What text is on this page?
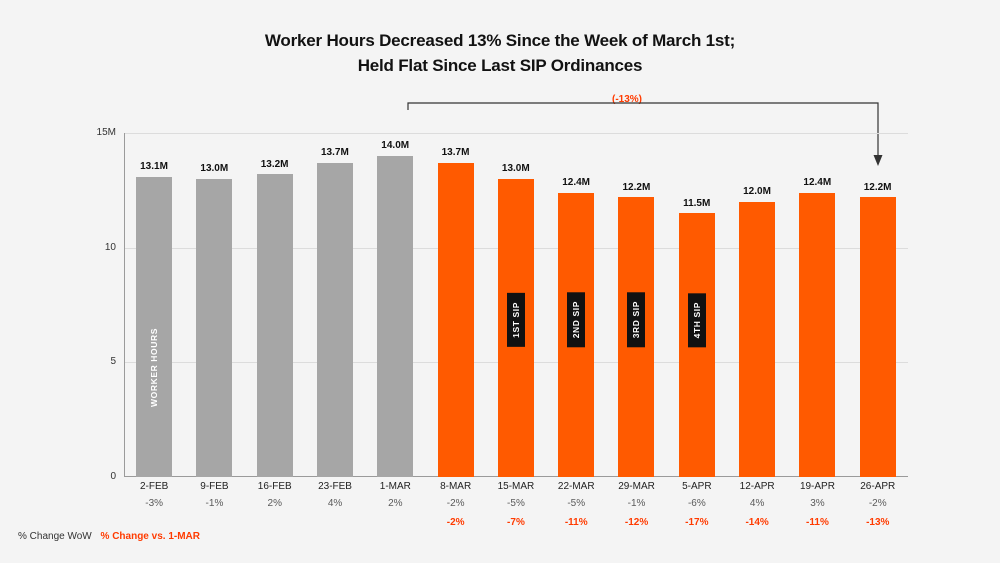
Worker Hours Decreased 13% Since the Week of March 1st;
Held Flat Since Last SIP Ordinances
(-13%)
15M
10
5
0
13.1M
WORKER HOURS
13.0M	13.2M
13.7M
14.0M
13.7M
13.0M
1ST SIP
12.4M
2ND SIP
12.2M
3RD SIP
11.5M
4TH SIP
12.0M
12.4M	12.2M
2-FEB
-3%
9-FEB
-1%
16-FEB
2%
23-FEB
4%
1-MAR
2%
8-MAR
-2%
-2%
15-MAR
-5%
-7%
22-MAR
-5%
-11%
29-MAR
-1%
-12%
5-APR
-6%
-17%
12-APR
4%
-14%
19-APR
3%
-11%
26-APR
-2%
-13%
% Change WoW % Change vs. 1-MAR
